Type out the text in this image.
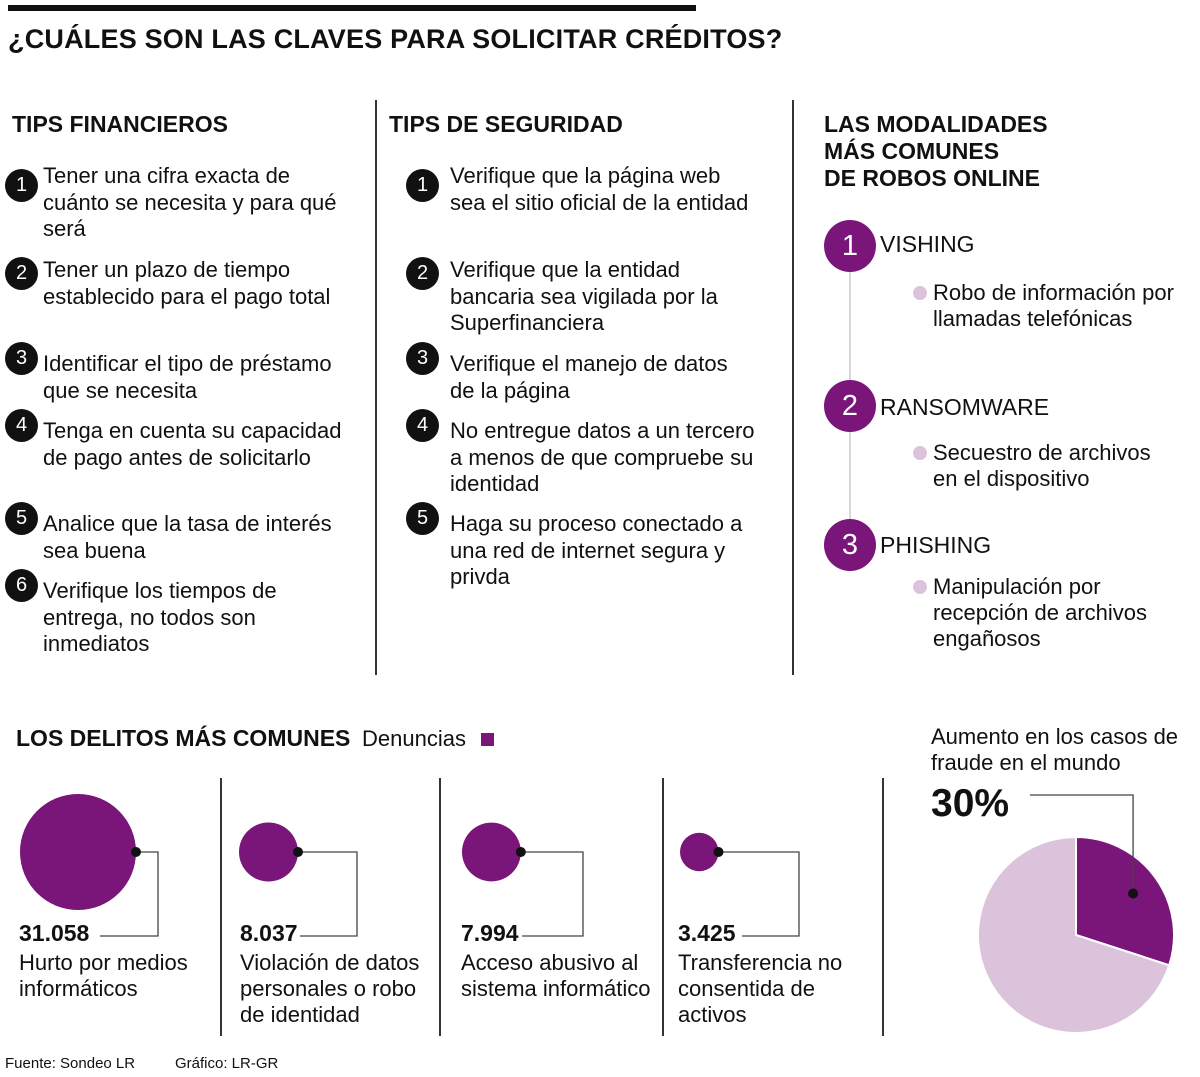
¿CUÁLES SON LAS CLAVES PARA SOLICITAR CRÉDITOS?
TIPS FINANCIEROS
1 Tener una cifra exacta de cuánto se necesita y para qué será
2 Tener un plazo de tiempo establecido para el pago total
3 Identificar el tipo de préstamo que se necesita
4 Tenga en cuenta su capacidad de pago antes de solicitarlo
5 Analice que la tasa de interés sea buena
6 Verifique los tiempos de entrega, no todos son inmediatos
TIPS DE SEGURIDAD
1 Verifique que la página web sea el sitio oficial de la entidad
2 Verifique que la entidad bancaria sea vigilada por la Superfinanciera
3 Verifique el manejo de datos de la página
4 No entregue datos a un tercero a menos de que compruebe su identidad
5 Haga su proceso conectado a una red de internet segura y privda
LAS MODALIDADES
MÁS COMUNES
DE ROBOS ONLINE
1 VISHING
Robo de información por llamadas telefónicas
2 RANSOMWARE
Secuestro de archivos en el dispositivo
3 PHISHING
Manipulación por recepción de archivos engañosos
LOS DELITOS MÁS COMUNES Denuncias
31.058
Hurto por medios informáticos
8.037
Violación de datos personales o robo de identidad
7.994
Acceso abusivo al sistema informático
3.425
Transferencia no consentida de activos
Aumento en los casos de fraude en el mundo
30%
Fuente: Sondeo LR	Gráfico: LR-GR
